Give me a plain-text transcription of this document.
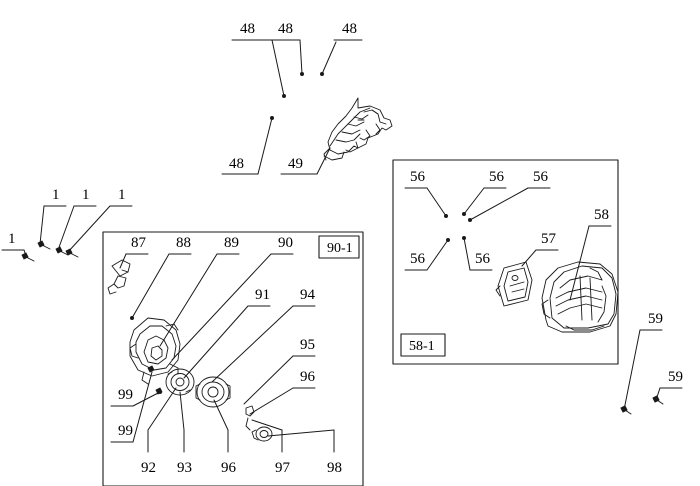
48 48	48
48	49
1 1 1
1	87 88 89	90
91 94
95
96
99
99
92 93 96	97 98
56	56 56
56	56
57
58
59
59
90-1
58-1
